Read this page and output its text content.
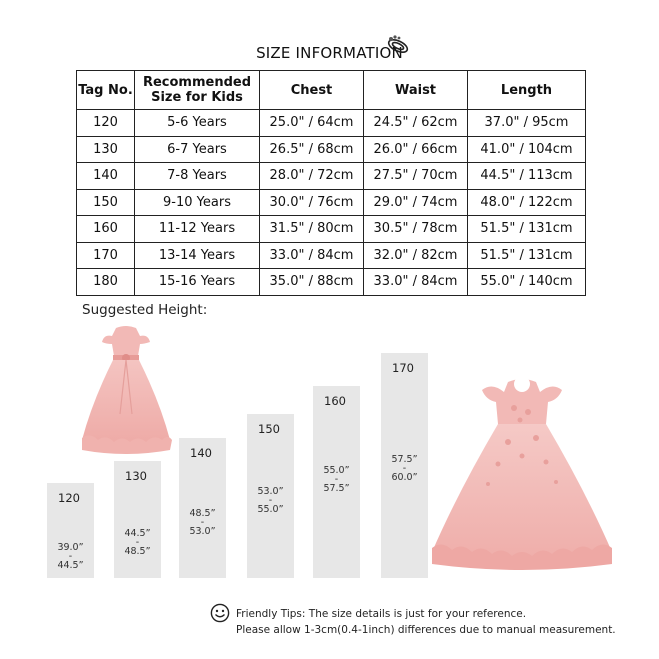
SIZE INFORMATION
Tag No.	Recommended Size for Kids	Chest	Waist	Length
120	5-6 Years	25.0" / 64cm	24.5" / 62cm	37.0" / 95cm
130	6-7 Years	26.5" / 68cm	26.0" / 66cm	41.0" / 104cm
140	7-8 Years	28.0" / 72cm	27.5" / 70cm	44.5" / 113cm
150	9-10 Years	30.0" / 76cm	29.0" / 74cm	48.0" / 122cm
160	11-12 Years	31.5" / 80cm	30.5" / 78cm	51.5" / 131cm
170	13-14 Years	33.0" / 84cm	32.0" / 82cm	51.5" / 131cm
180	15-16 Years	35.0" / 88cm	33.0" / 84cm	55.0" / 140cm
Suggested Height:
120
39.0”
-
44.5”
130
44.5”
-
48.5”
140
48.5”
-
53.0”
150
53.0”
-
55.0”
160
55.0”
-
57.5”
170
57.5”
-
60.0”
Friendly Tips: The size details is just for your reference.
Please allow 1-3cm(0.4-1inch) differences due to manual measurement.
